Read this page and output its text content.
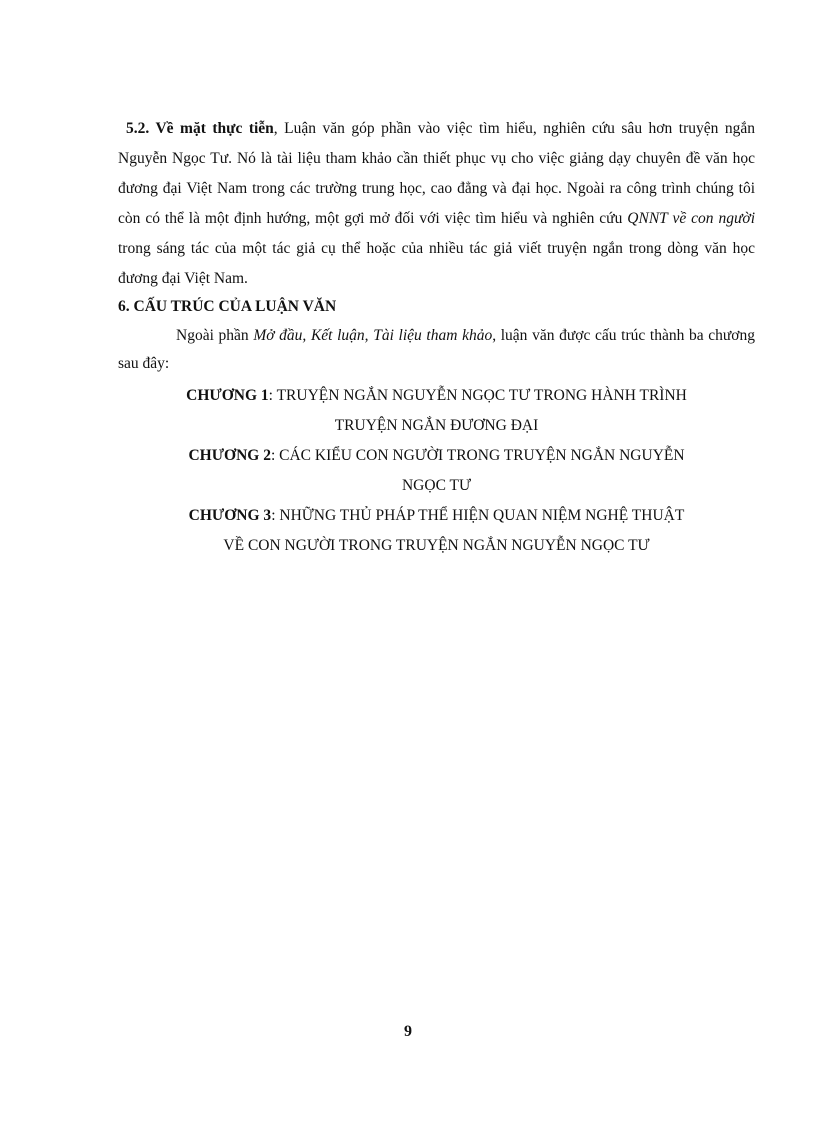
5.2. Về mặt thực tiễn, Luận văn góp phần vào việc tìm hiểu, nghiên cứu sâu hơn truyện ngắn Nguyễn Ngọc Tư. Nó là tài liệu tham khảo cần thiết phục vụ cho việc giảng dạy chuyên đề văn học đương đại Việt Nam trong các trường trung học, cao đẳng và đại học. Ngoài ra công trình chúng tôi còn có thể là một định hướng, một gợi mở đối với việc tìm hiểu và nghiên cứu QNNT về con người trong sáng tác của một tác giả cụ thể hoặc của nhiều tác giả viết truyện ngắn trong dòng văn học đương đại Việt Nam.
6. CẤU TRÚC CỦA LUẬN VĂN
Ngoài phần Mở đầu, Kết luận, Tài liệu tham khảo, luận văn được cấu trúc thành ba chương sau đây:
CHƯƠNG 1: TRUYỆN NGẮN NGUYỄN NGỌC TƯ TRONG HÀNH TRÌNH
TRUYỆN NGẮN ĐƯƠNG ĐẠI
CHƯƠNG 2: CÁC KIỂU CON NGƯỜI TRONG TRUYỆN NGẮN NGUYỄN
NGỌC TƯ
CHƯƠNG 3: NHỮNG THỦ PHÁP THỂ HIỆN QUAN NIỆM NGHỆ THUẬT
VỀ CON NGƯỜI TRONG TRUYỆN NGẮN NGUYỄN NGỌC TƯ
9
